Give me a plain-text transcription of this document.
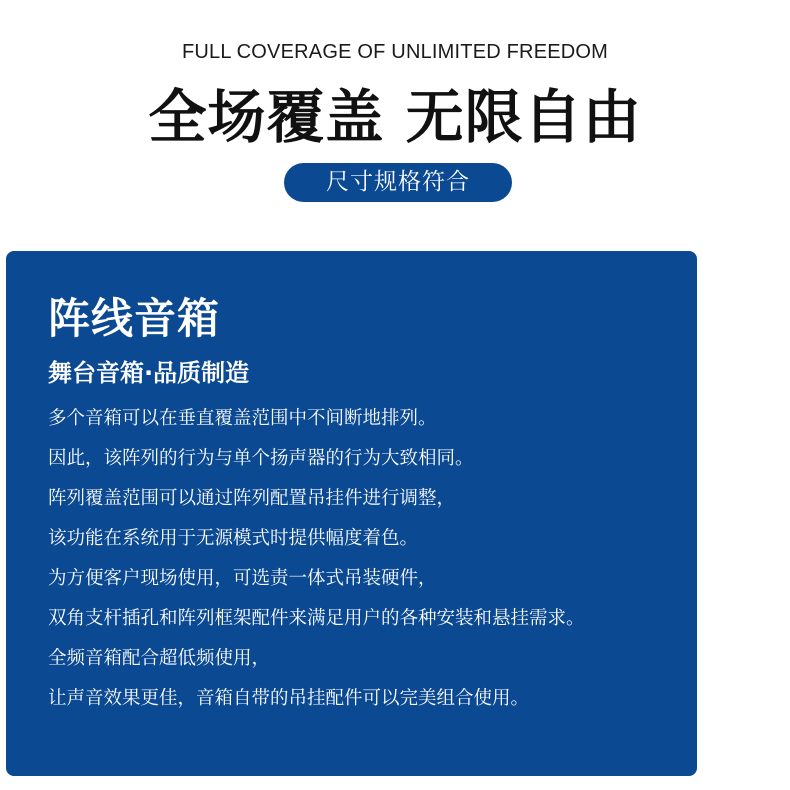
FULL COVERAGE OF UNLIMITED FREEDOM
全场覆盖 无限自由
尺寸规格符合
阵线音箱
舞台音箱·品质制造
多个音箱可以在垂直覆盖范围中不间断地排列。
因此，该阵列的行为与单个扬声器的行为大致相同。
阵列覆盖范围可以通过阵列配置吊挂件进行调整，
该功能在系统用于无源模式时提供幅度着色。
为方便客户现场使用，可选责一体式吊装硬件，
双角支杆插孔和阵列框架配件来满足用户的各种安装和悬挂需求。
全频音箱配合超低频使用，
让声音效果更佳，音箱自带的吊挂配件可以完美组合使用。
